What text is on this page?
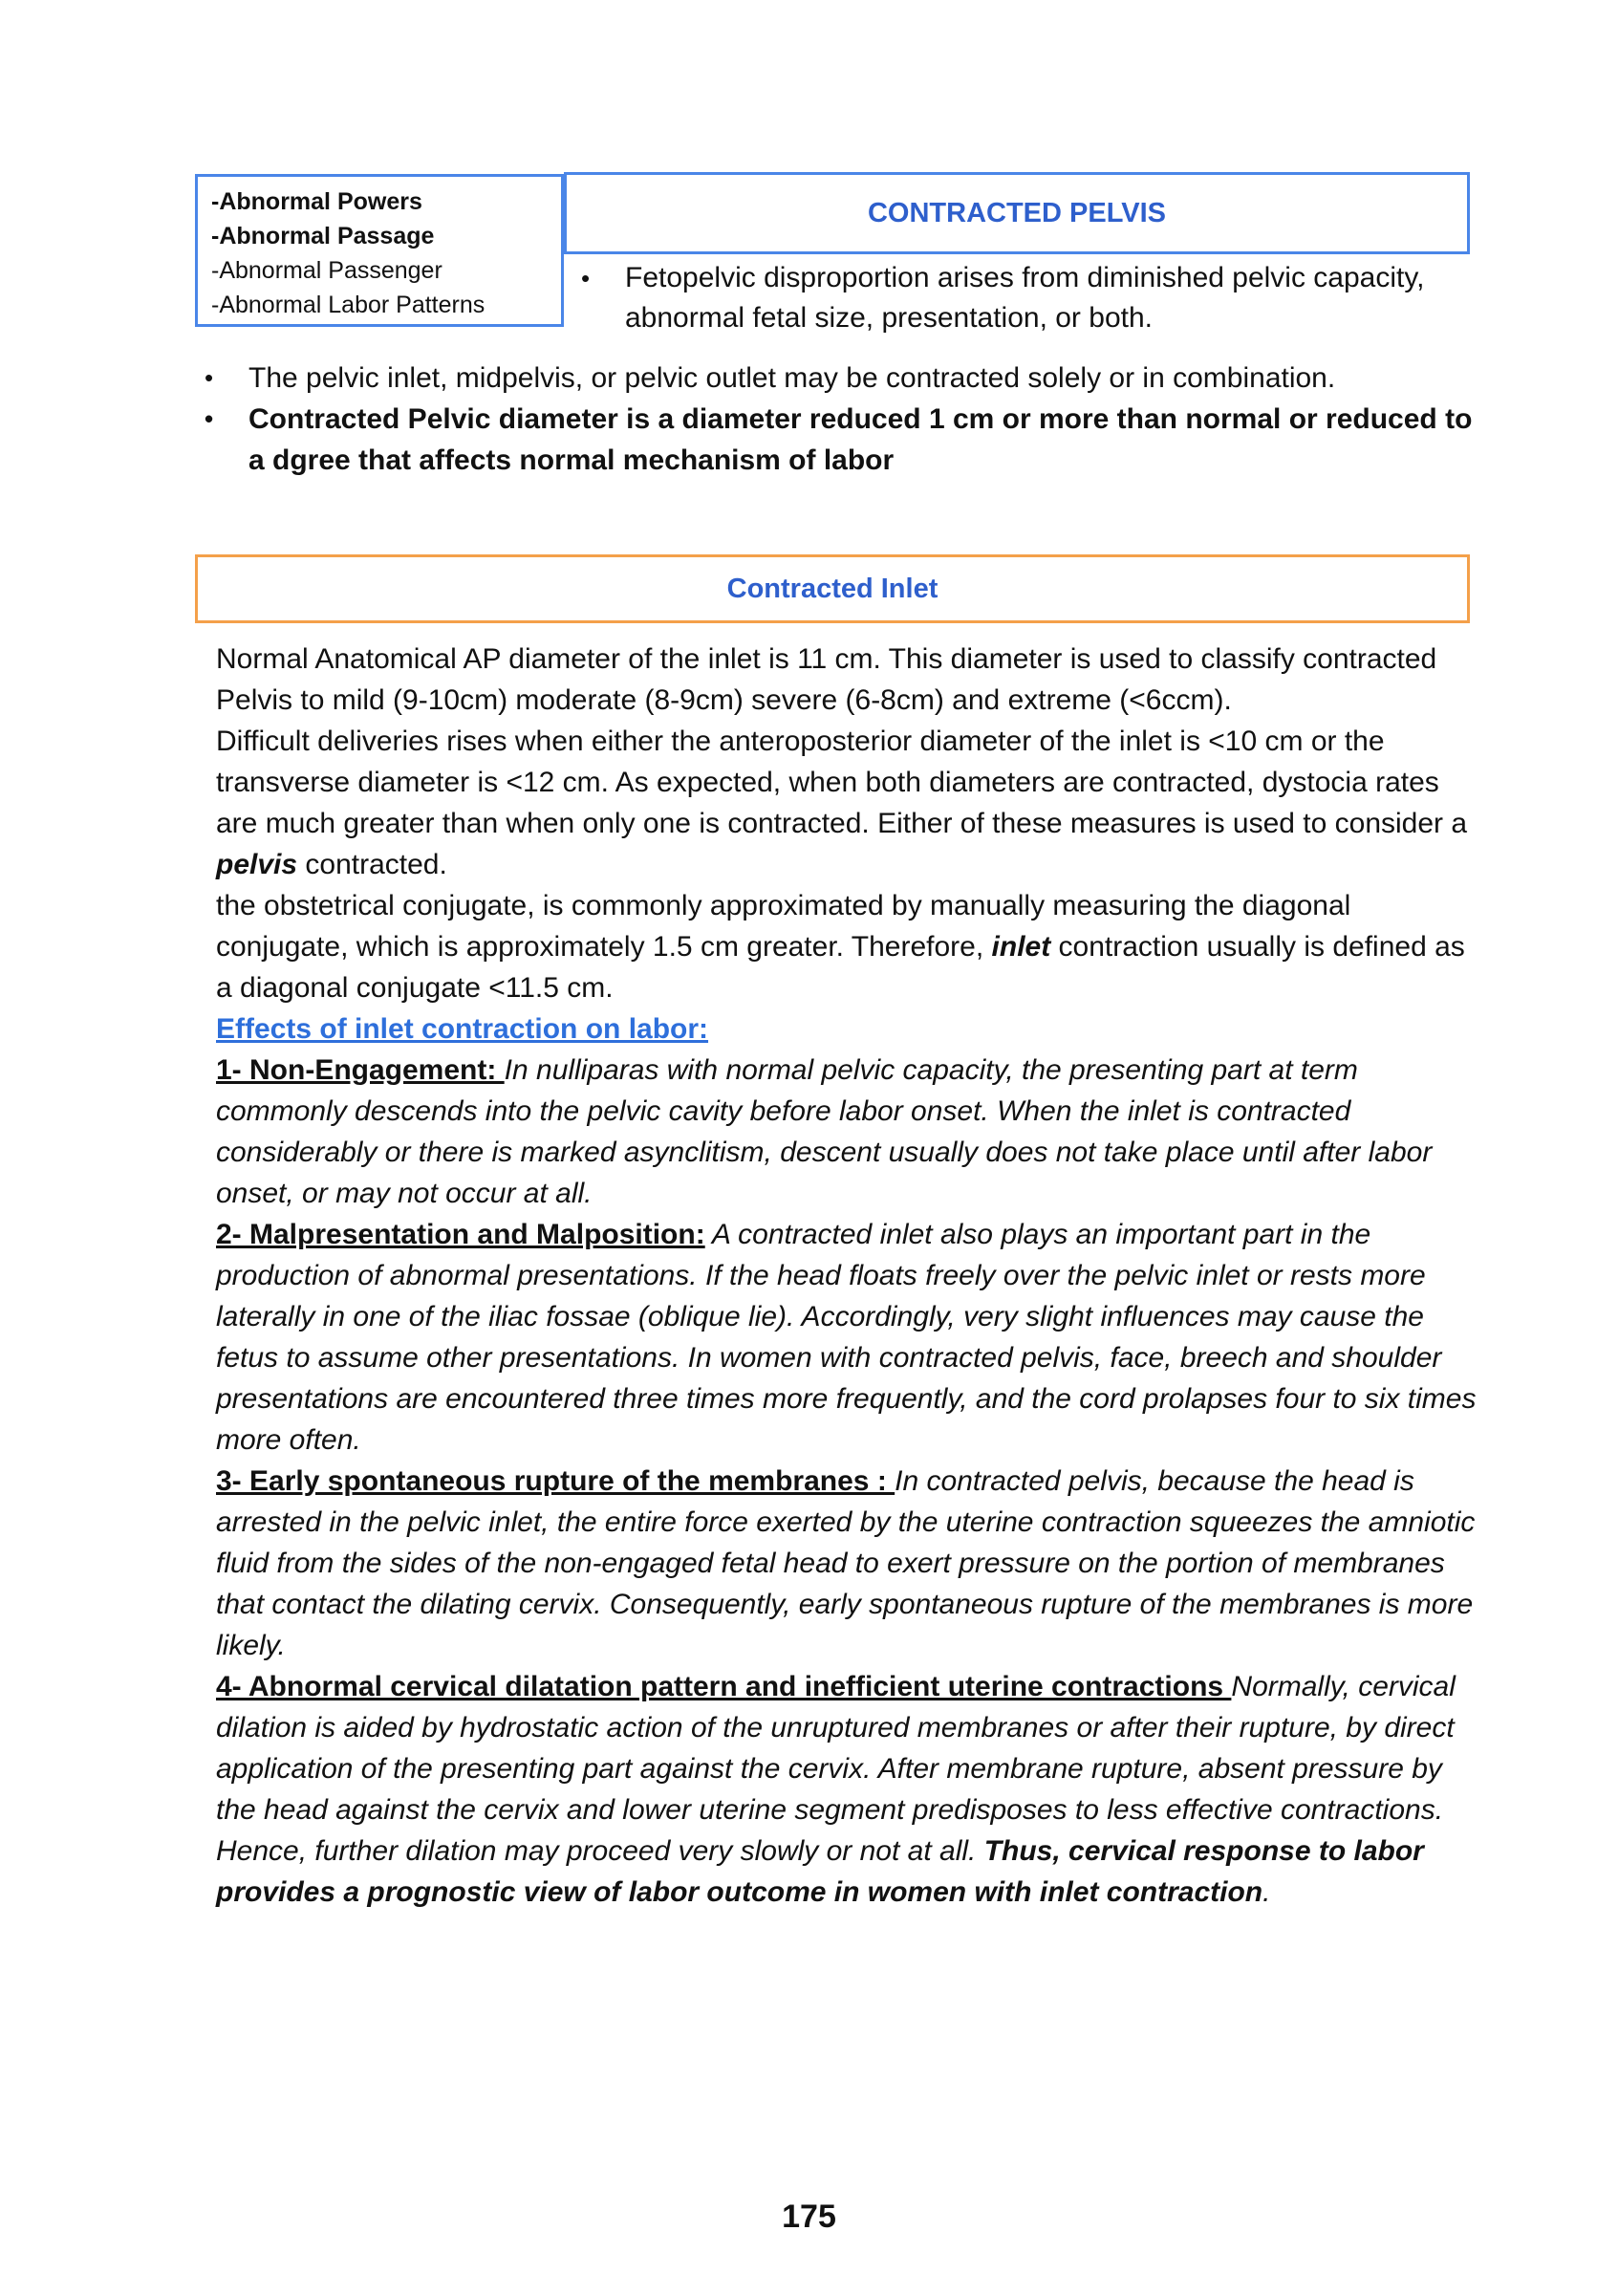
-Abnormal Powers
-Abnormal Passage
-Abnormal Passenger
-Abnormal Labor Patterns
CONTRACTED PELVIS
•	Fetopelvic disproportion arises from diminished pelvic capacity, abnormal fetal size, presentation, or both.
•	The pelvic inlet, midpelvis, or pelvic outlet may be contracted solely or in combination.
•	Contracted Pelvic diameter is a diameter reduced 1 cm or more than normal or reduced to a dgree that affects normal mechanism of labor
Contracted Inlet

Normal Anatomical AP diameter of the inlet is 11 cm. This diameter is used to classify contracted Pelvis to mild (9-10cm) moderate (8-9cm) severe (6-8cm) and extreme (<6ccm).

Difficult deliveries rises when either the anteroposterior diameter of the inlet is <10 cm or the transverse diameter is <12 cm. As expected, when both diameters are contracted, dystocia rates are much greater than when only one is contracted. Either of these measures is used to consider a pelvis contracted.

the obstetrical conjugate, is commonly approximated by manually measuring the diagonal conjugate, which is approximately 1.5 cm greater. Therefore, inlet contraction usually is defined as a diagonal conjugate <11.5 cm.

Effects of inlet contraction on labor:

1- Non-Engagement: In nulliparas with normal pelvic capacity, the presenting part at term commonly descends into the pelvic cavity before labor onset. When the inlet is contracted considerably or there is marked asynclitism, descent usually does not take place until after labor onset, or may not occur at all.

2- Malpresentation and Malposition: A contracted inlet also plays an important part in the production of abnormal presentations. If the head floats freely over the pelvic inlet or rests more laterally in one of the iliac fossae (oblique lie). Accordingly, very slight influences may cause the fetus to assume other presentations. In women with contracted pelvis, face, breech and shoulder presentations are encountered three times more frequently, and the cord prolapses four to six times more often.

3- Early spontaneous rupture of the membranes : In contracted pelvis, because the head is arrested in the pelvic inlet, the entire force exerted by the uterine contraction squeezes the amniotic fluid from the sides of the non-engaged fetal head to exert pressure on the portion of membranes that contact the dilating cervix. Consequently, early spontaneous rupture of the membranes is more likely.

4- Abnormal cervical dilatation pattern and inefficient uterine contractions Normally, cervical dilation is aided by hydrostatic action of the unruptured membranes or after their rupture, by direct application of the presenting part against the cervix. After membrane rupture, absent pressure by the head against the cervix and lower uterine segment predisposes to less effective contractions. Hence, further dilation may proceed very slowly or not at all. Thus, cervical response to labor provides a prognostic view of labor outcome in women with inlet contraction.

175
